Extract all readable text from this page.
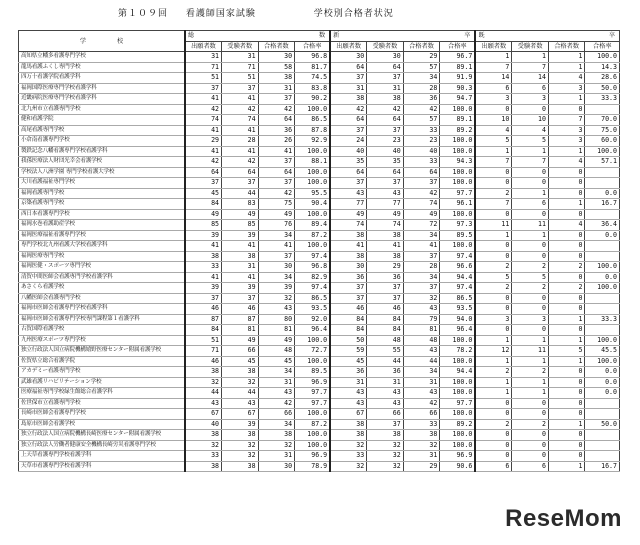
第１０９回 看護師国家試験	学校別合格者状況
学　　　　　校	総 数				新 卒				既 卒			

	出願者数	受験者数	合格者数	合格率	出願者数	受験者数	合格者数	合格率	出願者数	受験者数	合格者数	合格率
高知県立幡多看護専門学校	31	31	30	96.8	30	30	29	96.7	1	1	1	100.0
龍馬看護ふくし専門学校	71	71	58	81.7	64	64	57	89.1	7	7	1	14.3
四万十看護学院看護学科	51	51	38	74.5	37	37	34	91.9	14	14	4	28.6
福岡国際医療専門学校看護学科	37	37	31	83.8	31	31	28	90.3	6	6	3	50.0
近畿病院医療専門学校看護学科	41	41	37	90.2	38	38	36	94.7	3	3	1	33.3
北九州市立看護専門学校	42	42	42	100.0	42	42	42	100.0	0	0	0	
健和看護学院	74	74	64	86.5	64	64	57	89.1	10	10	7	70.0
高尾看護専門学校	41	41	36	87.8	37	37	33	89.2	4	4	3	75.0
小倉南看護専門学校	29	28	26	92.9	24	23	23	100.0	5	5	3	60.0
製鉄記念八幡看護専門学校看護学科	41	41	41	100.0	40	40	40	100.0	1	1	1	100.0
我孫医療法人財団光幸会看護学校	42	42	37	88.1	35	35	33	94.3	7	7	4	57.1
学校法人八洲学園 専門学校看護大学校	64	64	64	100.0	64	64	64	100.0	0	0	0	
大川看護福祉専門学校	37	37	37	100.0	37	37	37	100.0	0	0	0	
福岡看護専門学校	45	44	42	95.5	43	43	42	97.7	2	1	0	0.0
京築看護専門学校	84	83	75	90.4	77	77	74	96.1	7	6	1	16.7
西日本看護専門学校	49	49	49	100.0	49	49	49	100.0	0	0	0	
福岡水巻看護助産学校	85	85	76	89.4	74	74	72	97.3	11	11	4	36.4
福岡医療福祉看護専門学校	39	39	34	87.2	38	38	34	89.5	1	1	0	0.0
専門学校北九州看護大学校看護学科	41	41	41	100.0	41	41	41	100.0	0	0	0	
福岡医療専門学校	38	38	37	97.4	38	38	37	97.4	0	0	0	
福岡医健・スポーツ専門学校	33	31	30	96.8	30	29	28	96.6	2	2	2	100.0
清賀中間医師会看護専門学校看護学科	41	41	34	82.9	36	36	34	94.4	5	5	0	0.0
あさくら看護学校	39	39	39	97.4	37	37	37	97.4	2	2	2	100.0
八幡医師会看護専門学校	37	37	32	86.5	37	37	32	86.5	0	0	0	
福岡市医師会看護専門学校看護学科	46	46	43	93.5	46	46	43	93.5	0	0	0	
福岡市医師会看護専門学校専門課程第１看護学科	87	87	80	92.0	84	84	79	94.0	3	3	1	33.3
古賀国際看護学校	84	81	81	96.4	84	84	81	96.4	0	0	0	
九州医療スポーツ専門学校	51	49	49	100.0	50	48	48	100.0	1	1	1	100.0
独立行政法人国立病院機構嬉野医療センター附属看護学校	71	66	48	72.7	59	55	43	78.2	12	11	5	45.5
佐賀県立総合看護学院	46	45	45	100.0	45	44	44	100.0	1	1	1	100.0
アカデミー看護専門学校	38	38	34	89.5	36	36	34	94.4	2	2	0	0.0
武雄看護リハビリテーション学校	32	32	31	96.9	31	31	31	100.0	1	1	0	0.0
医療福祉専門学校緑生館総合看護学科	44	44	43	97.7	43	43	43	100.0	1	1	0	0.0
佐世保市立看護専門学校	43	43	42	97.7	43	43	42	97.7	0	0	0	
長崎市医師会看護専門学校	67	67	66	100.0	67	66	66	100.0	0	0	0	
島原市医師会看護学校	40	39	34	87.2	38	37	33	89.2	2	2	1	50.0
独立行政法人国立病院機構長崎医療センター附属看護学校	38	38	38	100.0	38	38	38	100.0	0	0	0	
独立行政法人労働者健康安全機構長崎労災看護専門学校	32	32	32	100.0	32	32	32	100.0	0	0	0	
上天草看護専門学校看護学科	33	32	31	96.9	33	32	31	96.9	0	0	0	
天草市看護専門学校看護学科	38	38	30	78.9	32	32	29	90.6	6	6	1	16.7
ReseMom
